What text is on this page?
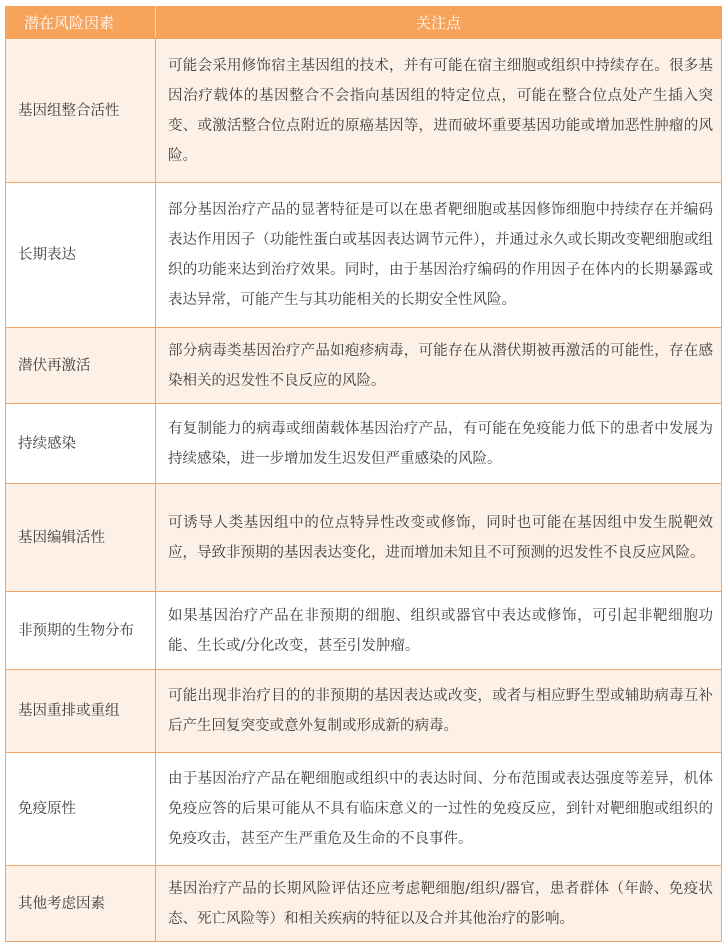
潜在风险因素	关注点
基因组整合活性	可能会采用修饰宿主基因组的技术，并有可能在宿主细胞或组织中持续存在。很多基因治疗载体的基因整合不会指向基因组的特定位点，可能在整合位点处产生插入突变、或激活整合位点附近的原癌基因等，进而破坏重要基因功能或增加恶性肿瘤的风险。
长期表达	部分基因治疗产品的显著特征是可以在患者靶细胞或基因修饰细胞中持续存在并编码表达作用因子（功能性蛋白或基因表达调节元件），并通过永久或长期改变靶细胞或组织的功能来达到治疗效果。同时，由于基因治疗编码的作用因子在体内的长期暴露或表达异常，可能产生与其功能相关的长期安全性风险。
潜伏再激活	部分病毒类基因治疗产品如疱疹病毒，可能存在从潜伏期被再激活的可能性，存在感染相关的迟发性不良反应的风险。
持续感染	有复制能力的病毒或细菌载体基因治疗产品，有可能在免疫能力低下的患者中发展为持续感染，进一步增加发生迟发但严重感染的风险。
基因编辑活性	可诱导人类基因组中的位点特异性改变或修饰，同时也可能在基因组中发生脱靶效应，导致非预期的基因表达变化，进而增加未知且不可预测的迟发性不良反应风险。
非预期的生物分布	如果基因治疗产品在非预期的细胞、组织或器官中表达或修饰，可引起非靶细胞功能、生长或/分化改变，甚至引发肿瘤。
基因重排或重组	可能出现非治疗目的的非预期的基因表达或改变，或者与相应野生型或辅助病毒互补后产生回复突变或意外复制或形成新的病毒。
免疫原性	由于基因治疗产品在靶细胞或组织中的表达时间、分布范围或表达强度等差异，机体免疫应答的后果可能从不具有临床意义的一过性的免疫反应，到针对靶细胞或组织的免疫攻击，甚至产生严重危及生命的不良事件。
其他考虑因素	基因治疗产品的长期风险评估还应考虑靶细胞/组织/器官，患者群体（年龄、免疫状态、死亡风险等）和相关疾病的特征以及合并其他治疗的影响。
